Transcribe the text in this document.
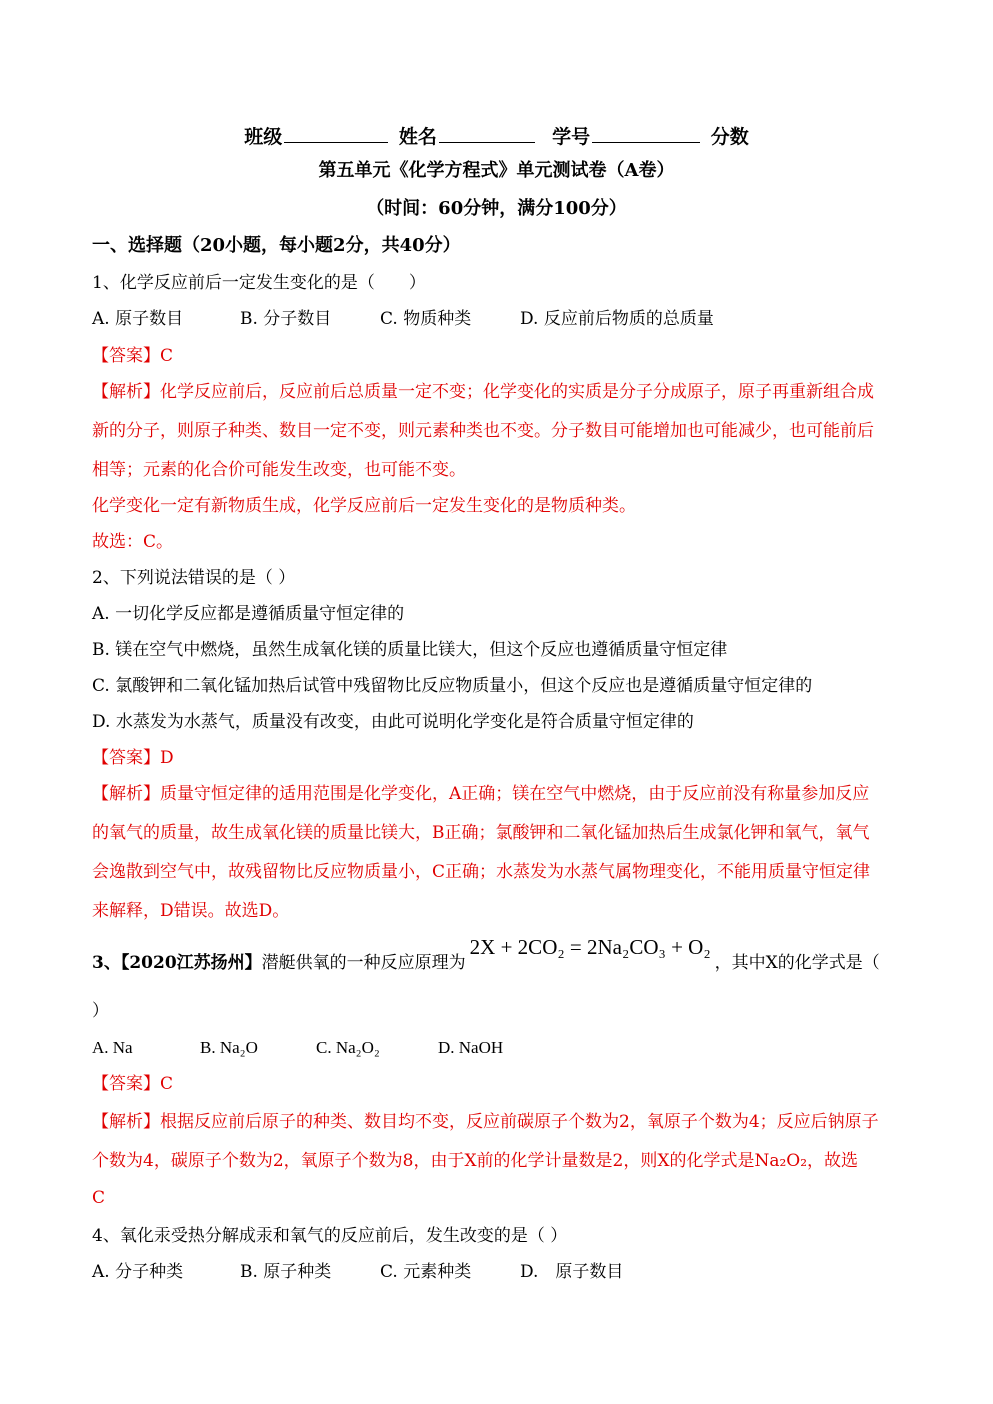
班级	姓名	学号	分数
第五单元《化学方程式》单元测试卷（A卷）
（时间：60分钟，满分100分）
一、选择题（20小题，每小题2分，共40分）
1、化学反应前后一定发生变化的是（　　）
A. 原子数目	B. 分子数目	C. 物质种类	D. 反应前后物质的总质量
【答案】C
【解析】化学反应前后，反应前后总质量一定不变；化学变化的实质是分子分成原子，原子再重新组合成
新的分子，则原子种类、数目一定不变，则元素种类也不变。分子数目可能增加也可能减少，也可能前后
相等；元素的化合价可能发生改变，也可能不变。
化学变化一定有新物质生成，化学反应前后一定发生变化的是物质种类。
故选：C。
2、下列说法错误的是（ ）
A. 一切化学反应都是遵循质量守恒定律的
B. 镁在空气中燃烧，虽然生成氧化镁的质量比镁大，但这个反应也遵循质量守恒定律
C. 氯酸钾和二氧化锰加热后试管中残留物比反应物质量小，但这个反应也是遵循质量守恒定律的
D. 水蒸发为水蒸气，质量没有改变，由此可说明化学变化是符合质量守恒定律的
【答案】D
【解析】质量守恒定律的适用范围是化学变化，A正确；镁在空气中燃烧，由于反应前没有称量参加反应
的氧气的质量，故生成氧化镁的质量比镁大，B正确；氯酸钾和二氧化锰加热后生成氯化钾和氧气，氧气
会逸散到空气中，故残留物比反应物质量小，C正确；水蒸发为水蒸气属物理变化，不能用质量守恒定律
来解释，D错误。故选D。
3、【2020江苏扬州】潜艇供氧的一种反应原理为2X + 2CO₂ = 2Na₂CO₃ + O₂，其中X的化学式是（
）
A. Na	B. Na₂O	C. Na₂O₂	D. NaOH
【答案】C
【解析】根据反应前后原子的种类、数目均不变，反应前碳原子个数为2，氧原子个数为4；反应后钠原子
个数为4，碳原子个数为2，氧原子个数为8，由于X前的化学计量数是2，则X的化学式是Na₂O₂，故选
C
4、氧化汞受热分解成汞和氧气的反应前后，发生改变的是（ ）
A. 分子种类	B. 原子种类	C. 元素种类	D.　原子数目
